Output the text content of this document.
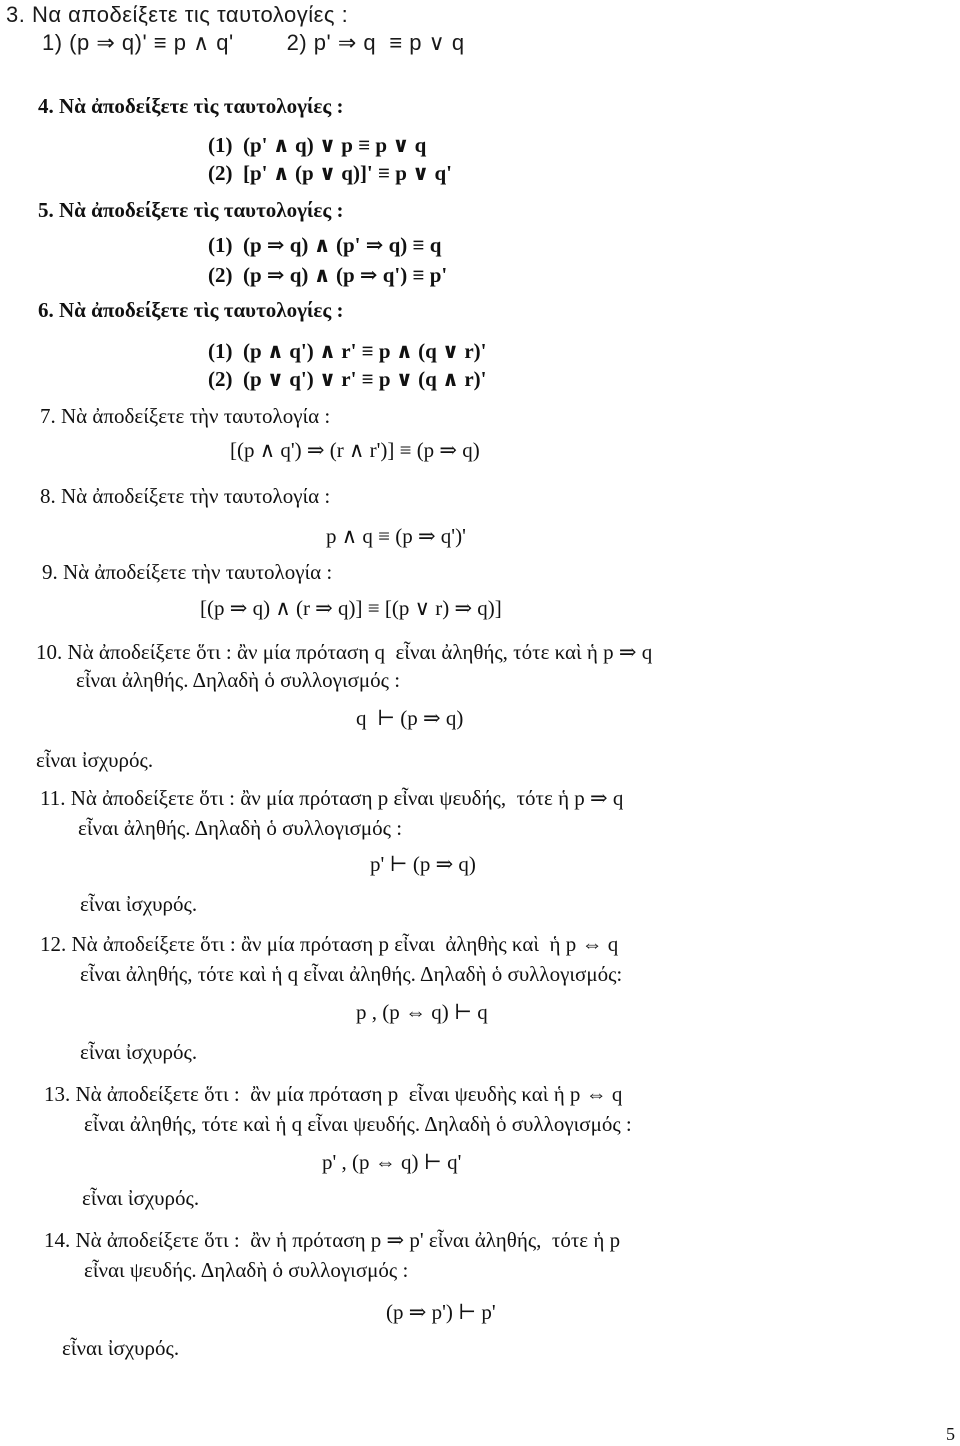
3. Να αποδείξετε τις ταυτολογίες :
1) (p ⇒ q)' ≡ p ∧ q'        2) p' ⇒ q  ≡ p ∨ q
4. Νὰ ἀποδείξετε τὶς ταυτολογίες :
(1)  (p' ∧ q) ∨ p ≡ p ∨ q
(2)  [p' ∧ (p ∨ q)]' ≡ p ∨ q'
5. Νὰ ἀποδείξετε τὶς ταυτολογίες :
(1)  (p ⇒ q) ∧ (p' ⇒ q) ≡ q
(2)  (p ⇒ q) ∧ (p ⇒ q') ≡ p'
6. Νὰ ἀποδείξετε τὶς ταυτολογίες :
(1)  (p ∧ q') ∧ r' ≡ p ∧ (q ∨ r)'
(2)  (p ∨ q') ∨ r' ≡ p ∨ (q ∧ r)'
7. Νὰ ἀποδείξετε τὴν ταυτολογία :
[(p ∧ q') ⇒ (r ∧ r')] ≡ (p ⇒ q)
8. Νὰ ἀποδείξετε τὴν ταυτολογία :
p ∧ q ≡ (p ⇒ q')'
9. Νὰ ἀποδείξετε τὴν ταυτολογία :
[(p ⇒ q) ∧ (r ⇒ q)] ≡ [(p ∨ r) ⇒ q)]
10. Νὰ ἀποδείξετε ὅτι : ἂν μία πρόταση q  εἶναι ἀληθής, τότε καὶ ἡ p ⇒ q
εἶναι ἀληθής. Δηλαδὴ ὁ συλλογισμός :
q  ⊢ (p ⇒ q)
εἶναι ἰσχυρός.
11. Νὰ ἀποδείξετε ὅτι : ἂν μία πρόταση p εἶναι ψευδής,  τότε ἡ p ⇒ q
εἶναι ἀληθής. Δηλαδὴ ὁ συλλογισμός :
p' ⊢ (p ⇒ q)
εἶναι ἰσχυρός.
12. Νὰ ἀποδείξετε ὅτι : ἂν μία πρόταση p εἶναι  ἀληθὴς καὶ  ἡ p ⇔ q
εἶναι ἀληθής, τότε καὶ ἡ q εἶναι ἀληθής. Δηλαδὴ ὁ συλλογισμός:
p , (p ⇔ q) ⊢ q
εἶναι ἰσχυρός.
13. Νὰ ἀποδείξετε ὅτι :  ἂν μία πρόταση p  εἶναι ψευδὴς καὶ ἡ p ⇔ q
εἶναι ἀληθής, τότε καὶ ἡ q εἶναι ψευδής. Δηλαδὴ ὁ συλλογισμός :
p' , (p ⇔ q) ⊢ q'
εἶναι ἰσχυρός.
14. Νὰ ἀποδείξετε ὅτι :  ἂν ἡ πρόταση p ⇒ p' εἶναι ἀληθής,  τότε ἡ p
εἶναι ψευδής. Δηλαδὴ ὁ συλλογισμός :
(p ⇒ p') ⊢ p'
εἶναι ἰσχυρός.
5
